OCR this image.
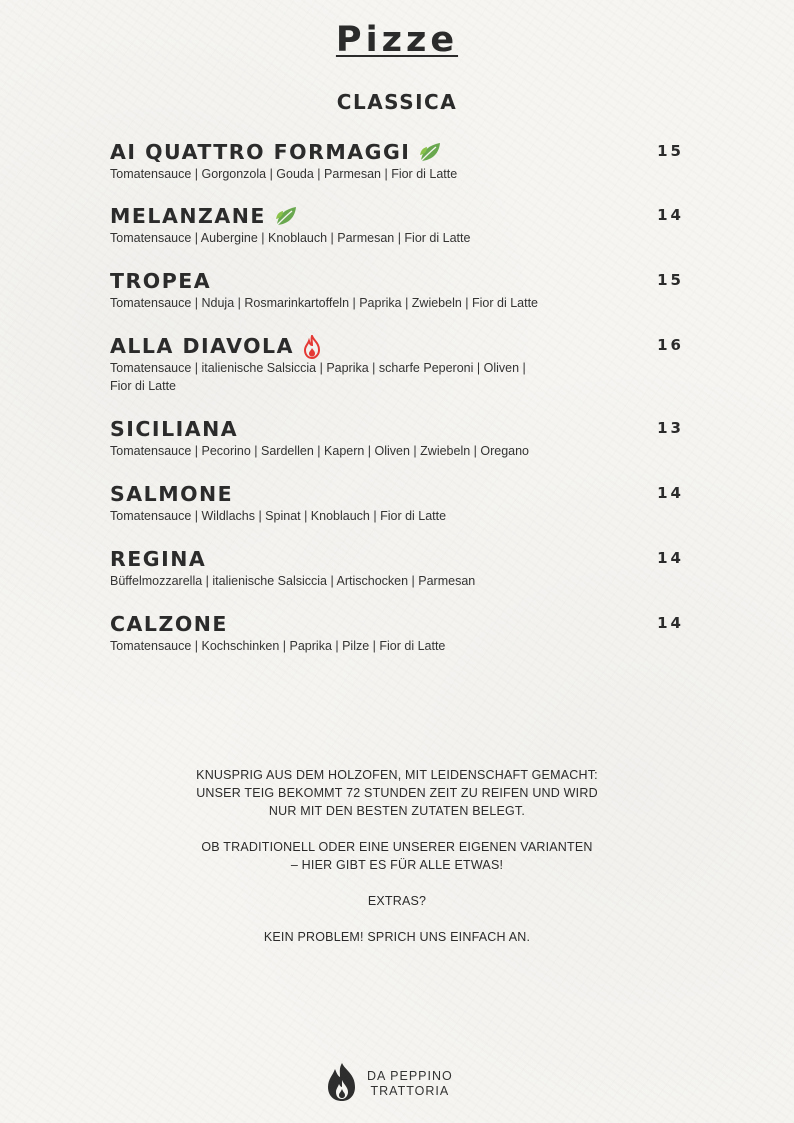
Pizze
CLASSICA
AI QUATTRO FORMAGGI	15
Tomatensauce | Gorgonzola | Gouda | Parmesan | Fior di Latte
MELANZANE	14
Tomatensauce | Aubergine | Knoblauch | Parmesan | Fior di Latte
TROPEA	15
Tomatensauce | Nduja | Rosmarinkartoffeln | Paprika | Zwiebeln | Fior di Latte
ALLA DIAVOLA	16
Tomatensauce | italienische Salsiccia | Paprika | scharfe Peperoni | Oliven | Fior di Latte
SICILIANA	13
Tomatensauce | Pecorino | Sardellen | Kapern | Oliven | Zwiebeln | Oregano
SALMONE	14
Tomatensauce | Wildlachs | Spinat | Knoblauch | Fior di Latte
REGINA	14
Büffelmozzarella | italienische Salsiccia | Artischocken | Parmesan
CALZONE	14
Tomatensauce | Kochschinken | Paprika | Pilze | Fior di Latte

KNUSPRIG AUS DEM HOLZOFEN, MIT LEIDENSCHAFT GEMACHT:

UNSER TEIG BEKOMMT 72 STUNDEN ZEIT ZU REIFEN UND WIRD

NUR MIT DEN BESTEN ZUTATEN BELEGT.

OB TRADITIONELL ODER EINE UNSERER EIGENEN VARIANTEN

– HIER GIBT ES FÜR ALLE ETWAS!

EXTRAS?

KEIN PROBLEM! SPRICH UNS EINFACH AN.

DA PEPPINO
TRATTORIA
